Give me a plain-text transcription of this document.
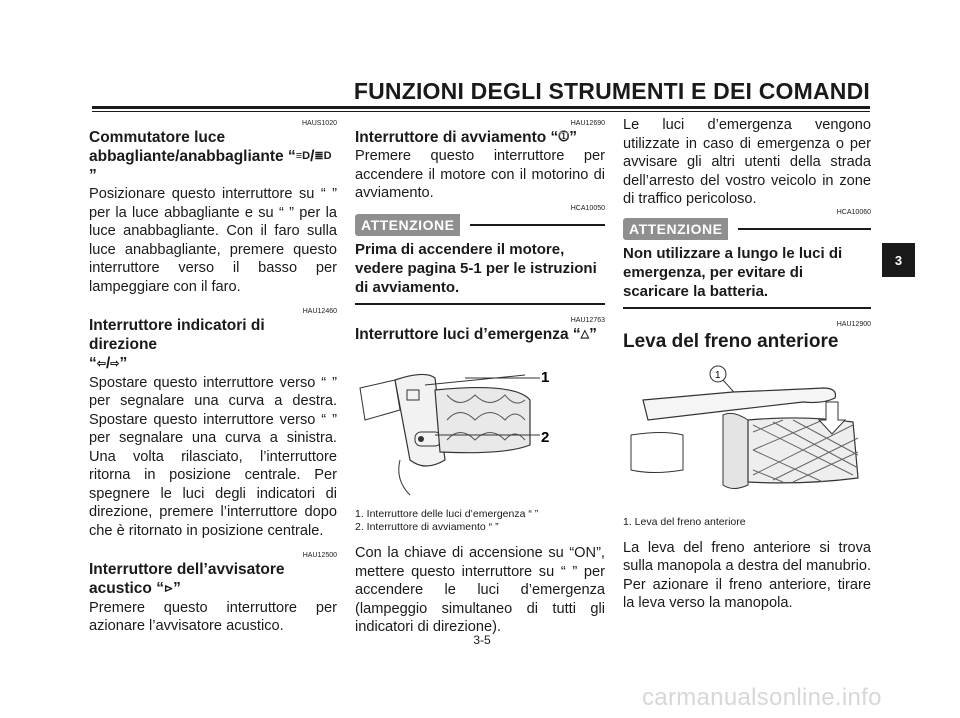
FUNZIONI DEGLI STRUMENTI E DEI COMANDI
HAUS1020

Commutatore luce
abbagliante/anabbagliante “≡D/≣D”

Posizionare questo interruttore su “ ” per la luce abbagliante e su “ ” per la luce anabbagliante. Con il faro sulla luce anabbagliante, premere questo interruttore verso il basso per lampeggiare con il faro.

HAU12460

Interruttore indicatori di direzione
“⇦/⇨”

Spostare questo interruttore verso “ ” per segnalare una curva a destra. Spostare questo interruttore verso “ ” per segnalare una curva a sinistra. Una volta rilasciato, l’interruttore ritorna in posizione centrale. Per spegnere le luci degli indicatori di direzione, premere l’interruttore dopo che è ritornato in posizione centrale.

HAU12500

Interruttore dell’avvisatore
acustico “⊳”

Premere questo interruttore per azionare l’avvisatore acustico.

HAU12690

Interruttore di avviamento “⓵”

Premere questo interruttore per accendere il motore con il motorino di avviamento.

HCA10050
ATTENZIONE

Prima di accendere il motore, vedere pagina 5-1 per le istruzioni di avviamento.

HAU12763

Interruttore luci d’emergenza “△”

1
2

1. Interruttore delle luci d’emergenza “ ”

2. Interruttore di avviamento “ ”

Con la chiave di accensione su “ON”, mettere questo interruttore su “ ” per accendere le luci d’emergenza (lampeggio simultaneo di tutti gli indicatori di direzione).

Le luci d’emergenza vengono utilizzate in caso di emergenza o per avvisare gli altri utenti della strada dell’arresto del vostro veicolo in zone di traffico pericoloso.

HCA10060
ATTENZIONE

Non utilizzare a lungo le luci di emergenza, per evitare di scaricare la batteria.

HAU12900

Leva del freno anteriore

1

1. Leva del freno anteriore

La leva del freno anteriore si trova sulla manopola a destra del manubrio. Per azionare il freno anteriore, tirare la leva verso la manopola.

3-5
3
carmanualsonline.info
